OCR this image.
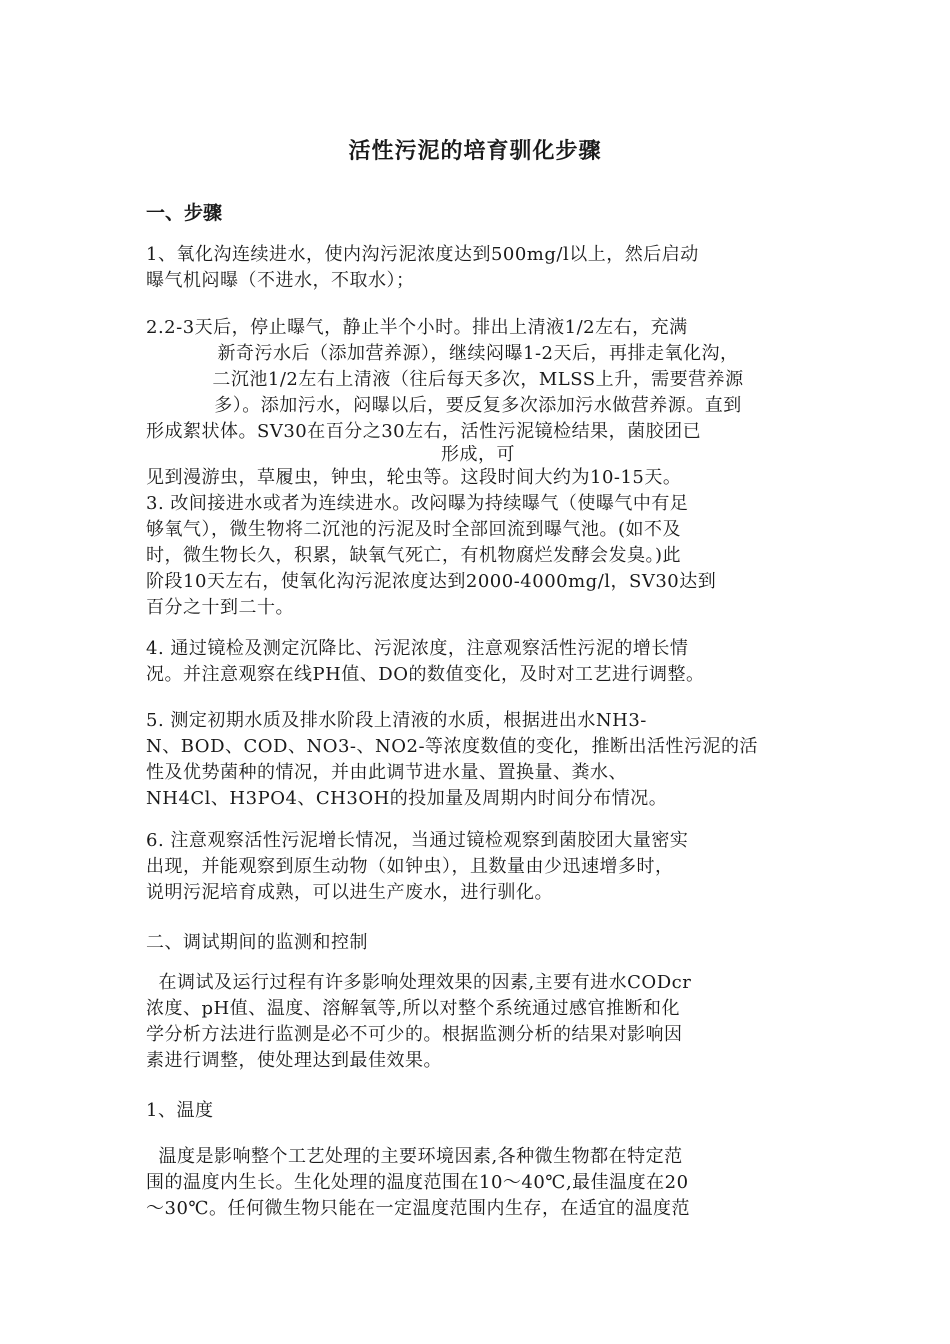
活性污泥的培育驯化步骤
一、步骤
1、氧化沟连续进水，使内沟污泥浓度达到500mg/l以上，然后启动
曝气机闷曝（不进水，不取水）；
2.2-3天后，停止曝气，静止半个小时。排出上清液1/2左右，充满
新奇污水后（添加营养源），继续闷曝1-2天后，再排走氧化沟，
二沉池1/2左右上清液（往后每天多次，MLSS上升，需要营养源
多）。添加污水，闷曝以后，要反复多次添加污水做营养源。直到
形成絮状体。SV30在百分之30左右，活性污泥镜检结果，菌胶团已
形成，可
见到漫游虫，草履虫，钟虫，轮虫等。这段时间大约为10-15天。
3. 改间接进水或者为连续进水。改闷曝为持续曝气（使曝气中有足
够氧气），微生物将二沉池的污泥及时全部回流到曝气池。(如不及
时，微生物长久，积累，缺氧气死亡，有机物腐烂发酵会发臭。)此
阶段10天左右，使氧化沟污泥浓度达到2000-4000mg/l，SV30达到
百分之十到二十。
4. 通过镜检及测定沉降比、污泥浓度，注意观察活性污泥的增长情
况。并注意观察在线PH值、DO的数值变化，及时对工艺进行调整。
5. 测定初期水质及排水阶段上清液的水质，根据进出水NH3-
N、BOD、COD、NO3-、NO2-等浓度数值的变化，推断出活性污泥的活
性及优势菌种的情况，并由此调节进水量、置换量、粪水、
NH4Cl、H3PO4、CH3OH的投加量及周期内时间分布情况。
6. 注意观察活性污泥增长情况，当通过镜检观察到菌胶团大量密实
出现，并能观察到原生动物（如钟虫），且数量由少迅速增多时，
说明污泥培育成熟，可以进生产废水，进行驯化。
二、调试期间的监测和控制
在调试及运行过程有许多影响处理效果的因素,主要有进水CODcr
浓度、pH值、温度、溶解氧等,所以对整个系统通过感官推断和化
学分析方法进行监测是必不可少的。根据监测分析的结果对影响因
素进行调整，使处理达到最佳效果。
1、温度
温度是影响整个工艺处理的主要环境因素,各种微生物都在特定范
围的温度内生长。生化处理的温度范围在10～40℃,最佳温度在20
～30℃。任何微生物只能在一定温度范围内生存，在适宜的温度范
